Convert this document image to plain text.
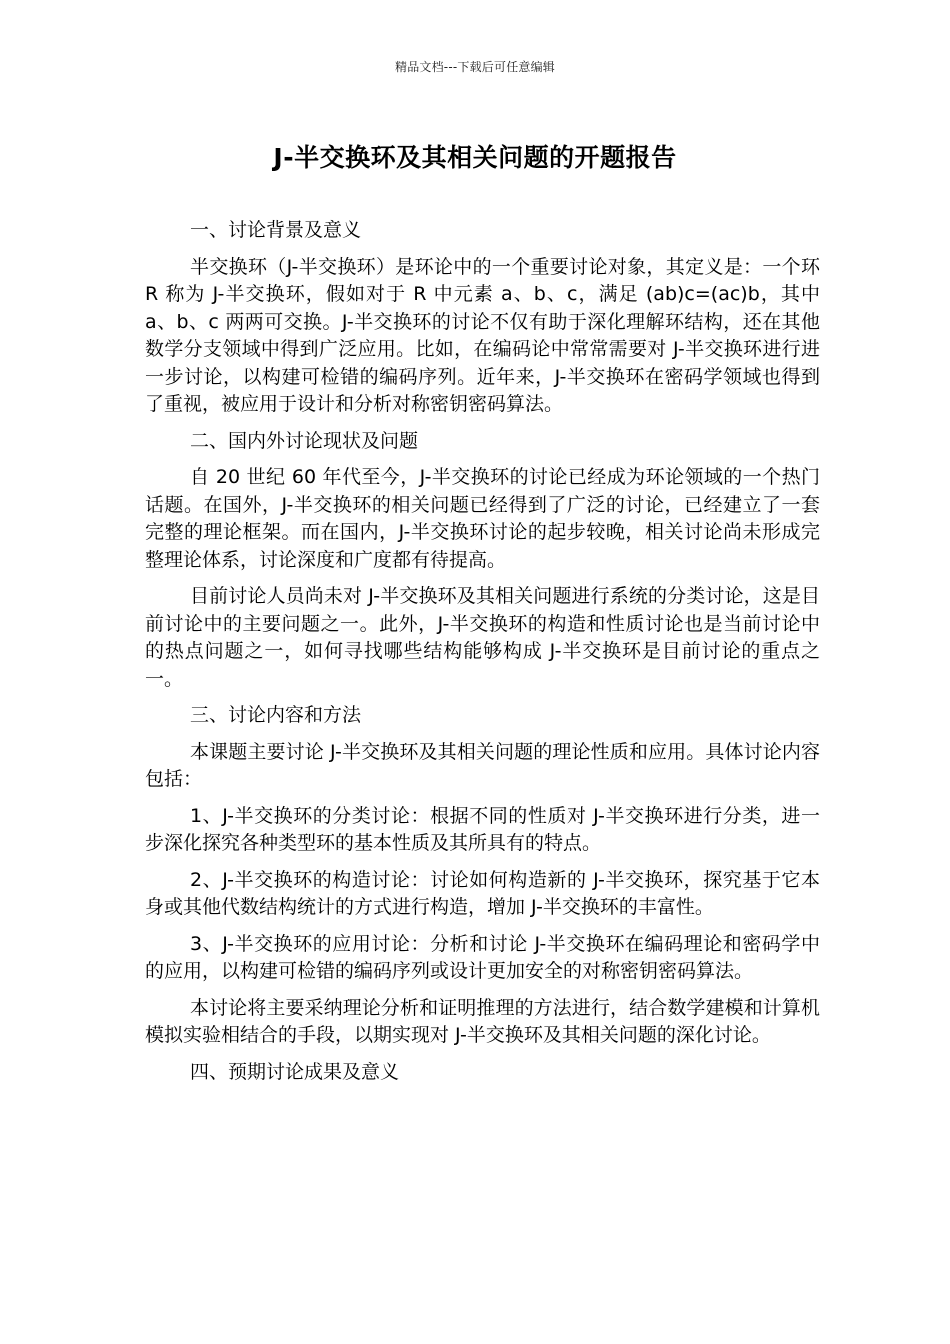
精品文档---下载后可任意编辑
J-半交换环及其相关问题的开题报告

一、讨论背景及意义

半交换环（J-半交换环）是环论中的一个重要讨论对象，其定义是：一个环 R 称为 J-半交换环，假如对于 R 中元素 a、b、c，满足 (ab)c=(ac)b，其中 a、b、c 两两可交换。J-半交换环的讨论不仅有助于深化理解环结构，还在其他数学分支领域中得到广泛应用。比如，在编码论中常常需要对 J-半交换环进行进一步讨论，以构建可检错的编码序列。近年来，J-半交换环在密码学领域也得到了重视，被应用于设计和分析对称密钥密码算法。

二、国内外讨论现状及问题

自 20 世纪 60 年代至今，J-半交换环的讨论已经成为环论领域的一个热门话题。在国外，J-半交换环的相关问题已经得到了广泛的讨论，已经建立了一套完整的理论框架。而在国内，J-半交换环讨论的起步较晚，相关讨论尚未形成完整理论体系，讨论深度和广度都有待提高。

目前讨论人员尚未对 J-半交换环及其相关问题进行系统的分类讨论，这是目前讨论中的主要问题之一。此外，J-半交换环的构造和性质讨论也是当前讨论中的热点问题之一，如何寻找哪些结构能够构成 J-半交换环是目前讨论的重点之一。

三、讨论内容和方法

本课题主要讨论 J-半交换环及其相关问题的理论性质和应用。具体讨论内容包括：

1、J-半交换环的分类讨论：根据不同的性质对 J-半交换环进行分类，进一步深化探究各种类型环的基本性质及其所具有的特点。

2、J-半交换环的构造讨论：讨论如何构造新的 J-半交换环，探究基于它本身或其他代数结构统计的方式进行构造，增加 J-半交换环的丰富性。

3、J-半交换环的应用讨论：分析和讨论 J-半交换环在编码理论和密码学中的应用，以构建可检错的编码序列或设计更加安全的对称密钥密码算法。

本讨论将主要采纳理论分析和证明推理的方法进行，结合数学建模和计算机模拟实验相结合的手段，以期实现对 J-半交换环及其相关问题的深化讨论。

四、预期讨论成果及意义
